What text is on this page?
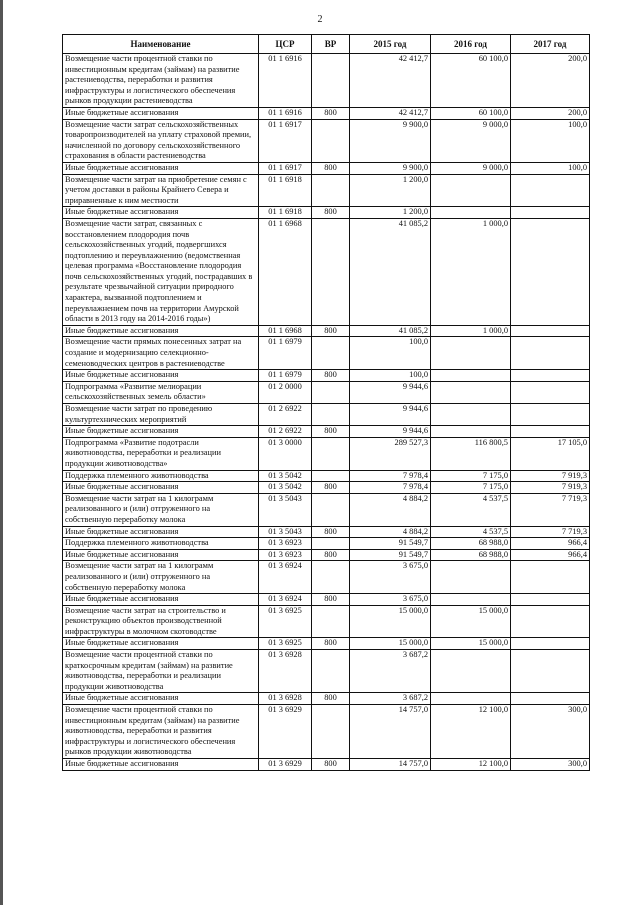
2
Наименование	ЦСР	ВР	2015 год	2016 год	2017 год
Возмещение части процентной ставки по инвестиционным кредитам (займам) на развитие растениеводства, переработки и развития инфраструктуры и логистического обеспечения рынков продукции растениеводства	01 1 6916		42 412,7	60 100,0	200,0
Иные бюджетные ассигнования	01 1 6916	800	42 412,7	60 100,0	200,0
Возмещение части затрат сельскохозяйственных товаропроизводителей на уплату страховой премии, начисленной по договору сельскохозяйственного страхования в области растениеводства	01 1 6917		9 900,0	9 000,0	100,0
Иные бюджетные ассигнования	01 1 6917	800	9 900,0	9 000,0	100,0
Возмещение части затрат на приобретение семян с учетом доставки в районы Крайнего Севера и приравненные к ним местности	01 1 6918		1 200,0		
Иные бюджетные ассигнования	01 1 6918	800	1 200,0		
Возмещение части затрат, связанных с восстановлением плодородия почв сельскохозяйственных угодий, подвергшихся подтоплению и переувлажнению (ведомственная целевая программа «Восстановление плодородия почв сельскохозяйственных угодий, пострадавших в результате чрезвычайной ситуации природного характера, вызванной подтоплением и переувлажнением почв на территории Амурской области в 2013 году на 2014-2016 годы»)	01 1 6968		41 085,2	1 000,0	
Иные бюджетные ассигнования	01 1 6968	800	41 085,2	1 000,0	
Возмещение части прямых понесенных затрат на создание и модернизацию селекционно-семеноводческих центров в растениеводстве	01 1 6979		100,0		
Иные бюджетные ассигнования	01 1 6979	800	100,0		
Подпрограмма «Развитие мелиорации сельскохозяйственных земель области»	01 2 0000		9 944,6		
Возмещение части затрат по проведению культуртехнических мероприятий	01 2 6922		9 944,6		
Иные бюджетные ассигнования	01 2 6922	800	9 944,6		
Подпрограмма «Развитие подотрасли животноводства, переработки и реализации продукции животноводства»	01 3 0000		289 527,3	116 800,5	17 105,0
Поддержка племенного животноводства	01 3 5042		7 978,4	7 175,0	7 919,3
Иные бюджетные ассигнования	01 3 5042	800	7 978,4	7 175,0	7 919,3
Возмещение части затрат на 1 килограмм реализованного и (или) отгруженного на собственную переработку молока	01 3 5043		4 884,2	4 537,5	7 719,3
Иные бюджетные ассигнования	01 3 5043	800	4 884,2	4 537,5	7 719,3
Поддержка племенного животноводства	01 3 6923		91 549,7	68 988,0	966,4
Иные бюджетные ассигнования	01 3 6923	800	91 549,7	68 988,0	966,4
Возмещение части затрат на 1 килограмм реализованного и (или) отгруженного на собственную переработку молока	01 3 6924		3 675,0		
Иные бюджетные ассигнования	01 3 6924	800	3 675,0		
Возмещение части затрат на строительство и реконструкцию объектов производственной инфраструктуры в молочном скотоводстве	01 3 6925		15 000,0	15 000,0	
Иные бюджетные ассигнования	01 3 6925	800	15 000,0	15 000,0	
Возмещение части процентной ставки по краткосрочным кредитам (займам) на развитие животноводства, переработки и реализации продукции животноводства	01 3 6928		3 687,2		
Иные бюджетные ассигнования	01 3 6928	800	3 687,2		
Возмещение части процентной ставки по инвестиционным кредитам (займам) на развитие животноводства, переработки и развития инфраструктуры и логистического обеспечения рынков продукции животноводства	01 3 6929		14 757,0	12 100,0	300,0
Иные бюджетные ассигнования	01 3 6929	800	14 757,0	12 100,0	300,0
